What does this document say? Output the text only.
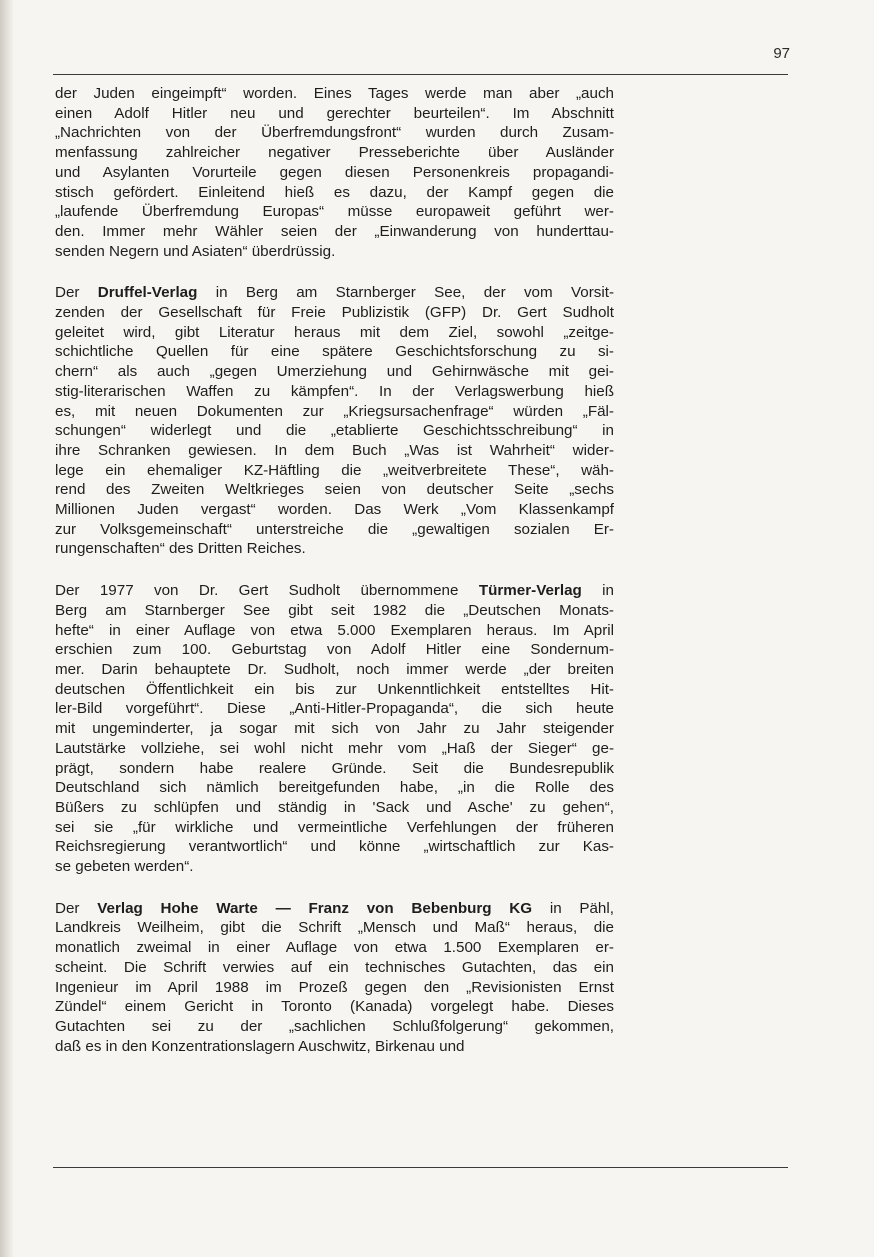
97

der Juden eingeimpft“ worden. Eines Tages werde man aber „auch
einen Adolf Hitler neu und gerechter beurteilen“. Im Abschnitt
„Nachrichten von der Überfremdungsfront“ wurden durch Zusam-
menfassung zahlreicher negativer Presseberichte über Ausländer
und Asylanten Vorurteile gegen diesen Personenkreis propagandi-
stisch gefördert. Einleitend hieß es dazu, der Kampf gegen die
„laufende Überfremdung Europas“ müsse europaweit geführt wer-
den. Immer mehr Wähler seien der „Einwanderung von hunderttau-
senden Negern und Asiaten“ überdrüssig.

Der Druffel-Verlag in Berg am Starnberger See, der vom Vorsit-
zenden der Gesellschaft für Freie Publizistik (GFP) Dr. Gert Sudholt
geleitet wird, gibt Literatur heraus mit dem Ziel, sowohl „zeitge-
schichtliche Quellen für eine spätere Geschichtsforschung zu si-
chern“ als auch „gegen Umerziehung und Gehirnwäsche mit gei-
stig-literarischen Waffen zu kämpfen“. In der Verlagswerbung hieß
es, mit neuen Dokumenten zur „Kriegsursachenfrage“ würden „Fäl-
schungen“ widerlegt und die „etablierte Geschichtsschreibung“ in
ihre Schranken gewiesen. In dem Buch „Was ist Wahrheit“ wider-
lege ein ehemaliger KZ-Häftling die „weitverbreitete These“, wäh-
rend des Zweiten Weltkrieges seien von deutscher Seite „sechs
Millionen Juden vergast“ worden. Das Werk „Vom Klassenkampf
zur Volksgemeinschaft“ unterstreiche die „gewaltigen sozialen Er-
rungenschaften“ des Dritten Reiches.

Der 1977 von Dr. Gert Sudholt übernommene Türmer-Verlag in
Berg am Starnberger See gibt seit 1982 die „Deutschen Monats-
hefte“ in einer Auflage von etwa 5.000 Exemplaren heraus. Im April
erschien zum 100. Geburtstag von Adolf Hitler eine Sondernum-
mer. Darin behauptete Dr. Sudholt, noch immer werde „der breiten
deutschen Öffentlichkeit ein bis zur Unkenntlichkeit entstelltes Hit-
ler-Bild vorgeführt“. Diese „Anti-Hitler-Propaganda“, die sich heute
mit ungeminderter, ja sogar mit sich von Jahr zu Jahr steigender
Lautstärke vollziehe, sei wohl nicht mehr vom „Haß der Sieger“ ge-
prägt, sondern habe realere Gründe. Seit die Bundesrepublik
Deutschland sich nämlich bereitgefunden habe, „in die Rolle des
Büßers zu schlüpfen und ständig in 'Sack und Asche' zu gehen“,
sei sie „für wirkliche und vermeintliche Verfehlungen der früheren
Reichsregierung verantwortlich“ und könne „wirtschaftlich zur Kas-
se gebeten werden“.

Der Verlag Hohe Warte — Franz von Bebenburg KG in Pähl,
Landkreis Weilheim, gibt die Schrift „Mensch und Maß“ heraus, die
monatlich zweimal in einer Auflage von etwa 1.500 Exemplaren er-
scheint. Die Schrift verwies auf ein technisches Gutachten, das ein
Ingenieur im April 1988 im Prozeß gegen den „Revisionisten Ernst
Zündel“ einem Gericht in Toronto (Kanada) vorgelegt habe. Dieses
Gutachten sei zu der „sachlichen Schlußfolgerung“ gekommen,
daß es in den Konzentrationslagern Auschwitz, Birkenau und
